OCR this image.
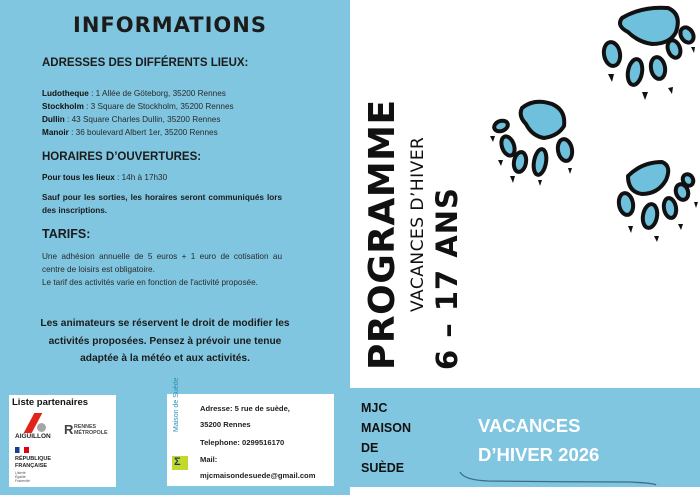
INFORMATIONS
ADRESSES DES DIFFÉRENTS LIEUX:
Ludotheque : 1 Allée de Göteborg, 35200 Rennes
Stockholm : 3 Square de Stockholm, 35200 Rennes
Dullin : 43 Square Charles Dullin, 35200 Rennes
Manoir : 36 boulevard Albert 1er, 35200 Rennes
HORAIRES D’OUVERTURES:
Pour tous les lieux : 14h à 17h30
Sauf pour les sorties, les horaires seront communiqués lors des inscriptions.
TARIFS:
Une adhésion annuelle de 5 euros + 1 euro de cotisation au centre de loisirs est obligatoire.
Le tarif des activités varie en fonction de l'activité proposée.
Les animateurs se réservent le droit de modifier les activités proposées. Pensez à prévoir une tenue adaptée à la météo et aux activités.
Liste partenaires
AIGUILLON R RENNES
MÉTROPOLE
RÉPUBLIQUE
FRANÇAISE
Liberté
Égalité
Fraternité
Maison de Suède
Σ
Adresse: 5 rue de suède,
35200 Rennes
Telephone: 0299516170
Mail:
mjcmaisondesuede@gmail.com
PROGRAMME VACANCES D’HIVER 6 – 17 ANS
MJC
MAISON
DE
SUÈDE
VACANCES
D’HIVER 2026
